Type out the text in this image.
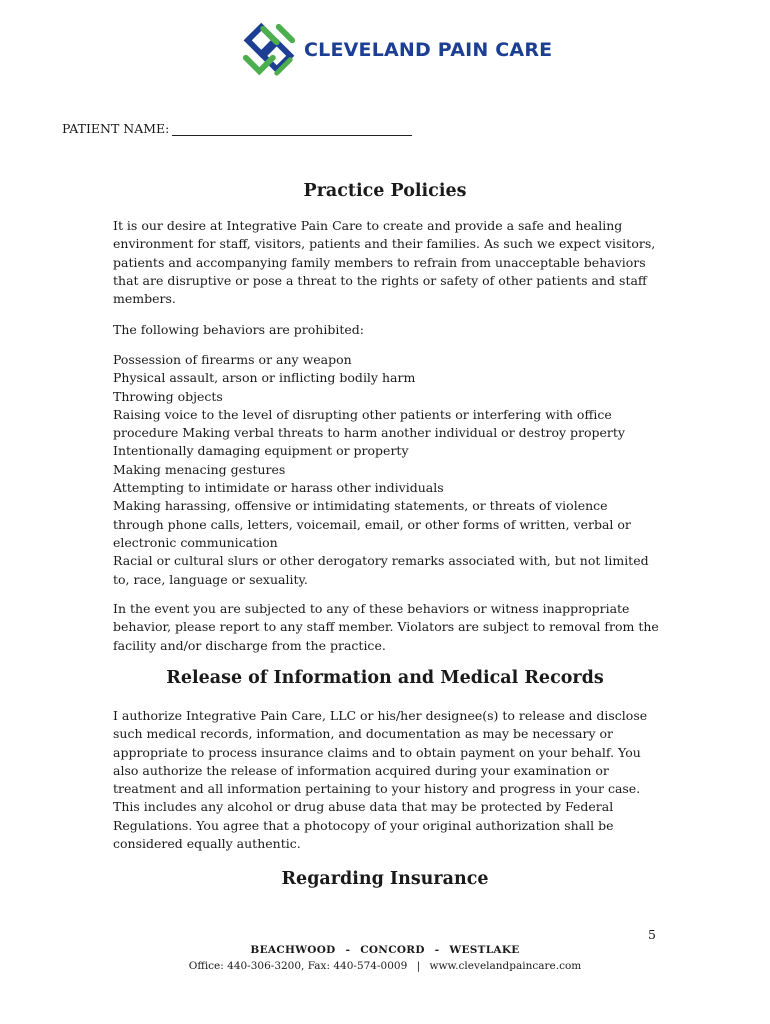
CLEVELAND PAIN CARE
PATIENT NAME:
Practice Policies
It is our desire at Integrative Pain Care to create and provide a safe and healing environment for staff, visitors, patients and their families. As such we expect visitors, patients and accompanying family members to refrain from unacceptable behaviors that are disruptive or pose a threat to the rights or safety of other patients and staff members.
The following behaviors are prohibited:
Possession of firearms or any weapon
Physical assault, arson or inflicting bodily harm
Throwing objects
Raising voice to the level of disrupting other patients or interfering with office
procedure Making verbal threats to harm another individual or destroy property
Intentionally damaging equipment or property
Making menacing gestures
Attempting to intimidate or harass other individuals
Making harassing, offensive or intimidating statements, or threats of violence
through phone calls, letters, voicemail, email, or other forms of written, verbal or
electronic communication
Racial or cultural slurs or other derogatory remarks associated with, but not limited
to, race, language or sexuality.
In the event you are subjected to any of these behaviors or witness inappropriate behavior, please report to any staff member. Violators are subject to removal from the facility and/or discharge from the practice.
Release of Information and Medical Records
I authorize Integrative Pain Care, LLC or his/her designee(s) to release and disclose such medical records, information, and documentation as may be necessary or appropriate to process insurance claims and to obtain payment on your behalf. You also authorize the release of information acquired during your examination or treatment and all information pertaining to your history and progress in your case. This includes any alcohol or drug abuse data that may be protected by Federal Regulations. You agree that a photocopy of your original authorization shall be considered equally authentic.
Regarding Insurance
5
BEACHWOOD - CONCORD - WESTLAKE
Office: 440-306-3200, Fax: 440-574-0009 | www.clevelandpaincare.com
